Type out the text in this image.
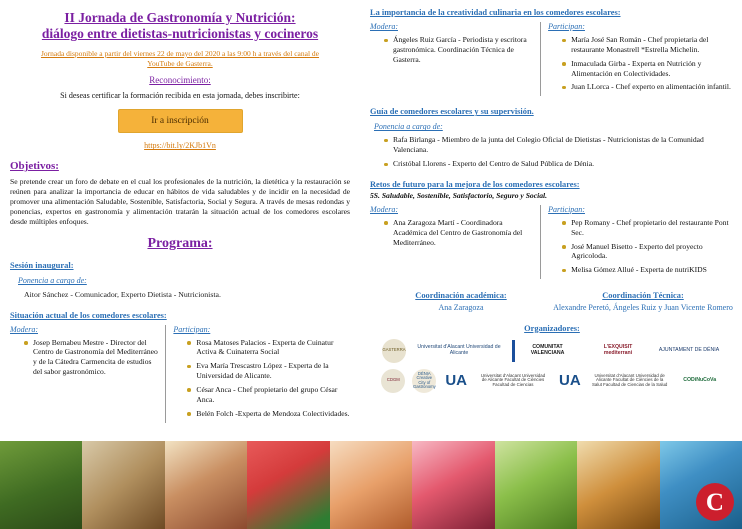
II Jornada de Gastronomía y Nutrición:
diálogo entre dietistas-nutricionistas y cocineros
Jornada disponible a partir del viernes 22 de mayo del 2020 a las 9:00 h a través del canal de YouTube de Gasterra.
Reconocimiento:
Si deseas certificar la formación recibida en esta jornada, debes inscribirte:
Ir a inscripción
https://bit.ly/2KJb1Vn
Objetivos:
Se pretende crear un foro de debate en el cual los profesionales de la nutrición, la dietética y la restauración se reúnen para analizar la importancia de educar en hábitos de vida saludables y de incidir en la necesidad de promover una alimentación Saludable, Sostenible, Satisfactoria, Social y Segura. A través de mesas redondas y ponencias, expertos en gastronomía y alimentación tratarán la situación actual de los comedores escolares desde múltiples enfoques.
Programa:
Sesión inaugural:
Ponencia a cargo de:
Aitor Sánchez - Comunicador, Experto Dietista - Nutricionista.
Situación actual de los comedores escolares:
Modera:
Josep Bernabeu Mestre - Director del Centro de Gastronomía del Mediterráneo y de la Cátedra Carmencita de estudios del sabor gastronómico.
Participan:
Rosa Matoses Palacios - Experta de Cuinatur Activa & Cuinaterra Social
Eva María Trescastro López - Experta de la Universidad de Alicante.
César Anca - Chef propietario del grupo César Anca.
Belén Folch -Experta de Mendoza Colectividades.
La importancia de la creatividad culinaria en los comedores escolares:
Modera:
Ángeles Ruiz García - Periodista y escritora gastronómica. Coordinación Técnica de Gasterra.
Participan:
María José San Román - Chef propietaria del restaurante Monastrell *Estrella Michelin.
Inmaculada Girba - Experta en Nutrición y Alimentación en Colectividades.
Juan LLorca - Chef experto en alimentación infantil.
Guía de comedores escolares y su supervisión.
Ponencia a cargo de:
Rafa Birlanga - Miembro de la junta del Colegio Oficial de Dietistas - Nutricionistas de la Comunidad Valenciana.
Cristóbal Llorens - Experto del Centro de Salud Pública de Dénia.
Retos de futuro para la mejora de los comedores escolares:
5S. Saludable, Sostenible, Satisfactorio, Seguro y Social.
Modera:
Ana Zaragoza Martí - Coordinadora Académica del Centro de Gastronomía del Mediterráneo.
Participan:
Pep Romany - Chef propietario del restaurante Pont Sec.
José Manuel Bisetto - Experto del proyecto Agricoloda.
Melisa Gómez Allué - Experta de nutriKIDS
Coordinación académica:
Ana Zaragoza
Coordinación Técnica:
Alexandre Peretó, Ángeles Ruiz y Juan Vicente Romero
Organizadores:
GASTERRA	Universitat d'Alacant Universidad de Alicante
COMUNITAT VALENCIANA
L'EXQUISIT mediterrani	AJUNTAMENT DE DÉNIA
CDGM
DÉNIA Creative City of Gastronomy UA	Universitat d'Alacant Universidad de Alicante Facultat de Ciències Facultad de Ciencias	UA	Universitat d'Alacant Universidad de Alicante Facultat de Ciències de la Salut Facultad de Ciencias de la Salud
CODiNuCoVa
C
